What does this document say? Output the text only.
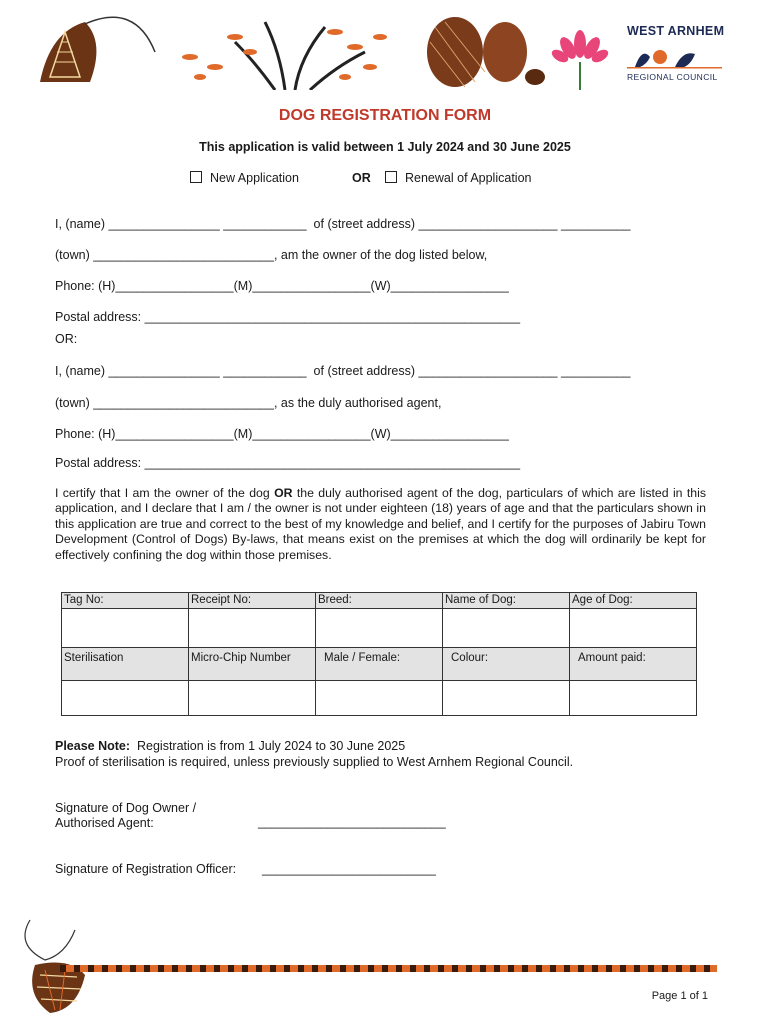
WEST ARNHEM
REGIONAL COUNCIL
DOG REGISTRATION FORM
This application is valid between 1 July 2024 and 30 June 2025
New Application	OR	Renewal of Application
I, (name) ________________ ____________  of (street address) ____________________ __________
(town) __________________________, am the owner of the dog listed below,
Phone: (H)_________________(M)_________________(W)_________________
Postal address: ______________________________________________________
OR:
I, (name) ________________ ____________  of (street address) ____________________ __________
(town) __________________________, as the duly authorised agent,
Phone: (H)_________________(M)_________________(W)_________________
Postal address: ______________________________________________________
I certify that I am the owner of the dog OR the duly authorised agent of the dog, particulars of which are listed in this application, and I declare that I am / the owner is not under eighteen (18) years of age and that the particulars shown in this application are true and correct to the best of my knowledge and belief, and I certify for the purposes of Jabiru Town Development (Control of Dogs) By-laws, that means exist on the premises at which the dog will ordinarily be kept for effectively confining the dog within those premises.
Tag No:	Receipt No:	Breed:	Name of Dog:	Age of Dog:

Sterilisation	Micro-Chip Number	Male / Female:	Colour:	Amount paid:

Please Note: Registration is from 1 July 2024 to 30 June 2025
Proof of sterilisation is required, unless previously supplied to West Arnhem Regional Council.
Signature of Dog Owner /
Authorised Agent:	___________________________
Signature of Registration Officer: _________________________
Page 1 of 1
